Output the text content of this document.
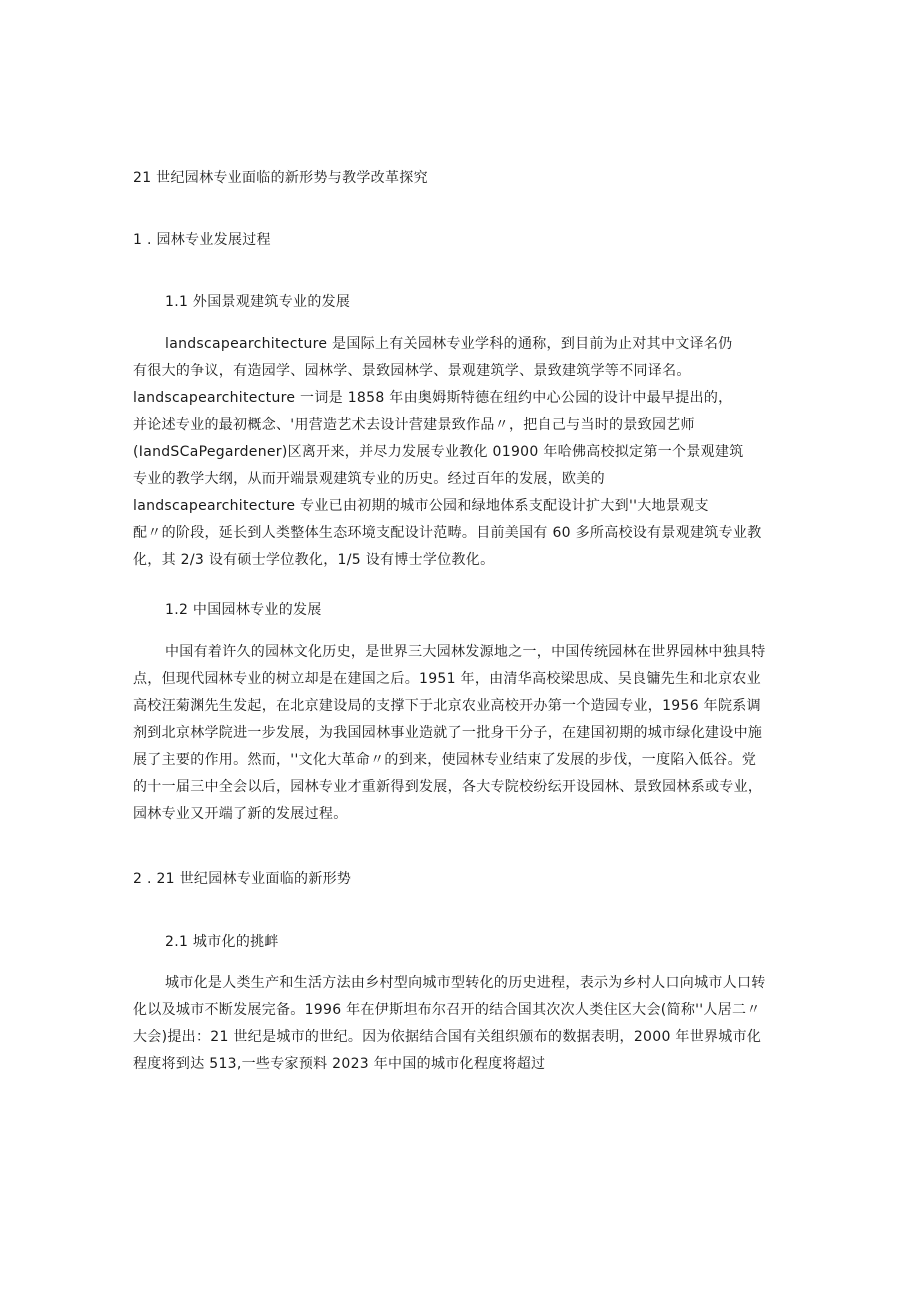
21 世纪园林专业面临的新形势与教学改革探究
1 . 园林专业发展过程
1.1 外国景观建筑专业的发展
landscapearchitecture 是国际上有关园林专业学科的通称，到目前为止对其中文译名仍
有很大的争议，有造园学、园林学、景致园林学、景观建筑学、景致建筑学等不同译名。
landscapearchitecture 一词是 1858 年由奥姆斯特德在纽约中心公园的设计中最早提出的，
并论述专业的最初概念、'用营造艺术去设计营建景致作品〃，把自己与当时的景致园艺师
(IandSCaPegardener)区离开来，并尽力发展专业教化 01900 年哈佛高校拟定第一个景观建筑
专业的教学大纲，从而开端景观建筑专业的历史。经过百年的发展，欧美的
landscapearchitecture 专业已由初期的城市公园和绿地体系支配设计扩大到''大地景观支
配〃的阶段，延长到人类整体生态环境支配设计范畴。目前美国有 60 多所高校设有景观建筑专业教
化，其 2/3 设有硕士学位教化，1/5 设有博士学位教化。
1.2 中国园林专业的发展
中国有着许久的园林文化历史，是世界三大园林发源地之一，中国传统园林在世界园林中独具特
点，但现代园林专业的树立却是在建国之后。1951 年，由清华高校梁思成、吴良镛先生和北京农业
高校汪菊渊先生发起，在北京建设局的支撑下于北京农业高校开办第一个造园专业，1956 年院系调
剂到北京林学院进一步发展，为我国园林事业造就了一批身干分子，在建国初期的城市绿化建设中施
展了主要的作用。然而，''文化大革命〃的到来，使园林专业结束了发展的步伐，一度陷入低谷。党
的十一届三中全会以后，园林专业才重新得到发展，各大专院校纷纭开设园林、景致园林系或专业，
园林专业又开端了新的发展过程。
2 . 21 世纪园林专业面临的新形势
2.1 城市化的挑衅
城市化是人类生产和生活方法由乡村型向城市型转化的历史进程，表示为乡村人口向城市人口转
化以及城市不断发展完备。1996 年在伊斯坦布尔召开的结合国其次次人类住区大会(简称''人居二〃
大会)提出：21 世纪是城市的世纪。因为依据结合国有关组织颁布的数据表明，2000 年世界城市化
程度将到达 513,一些专家预料 2023 年中国的城市化程度将超过
